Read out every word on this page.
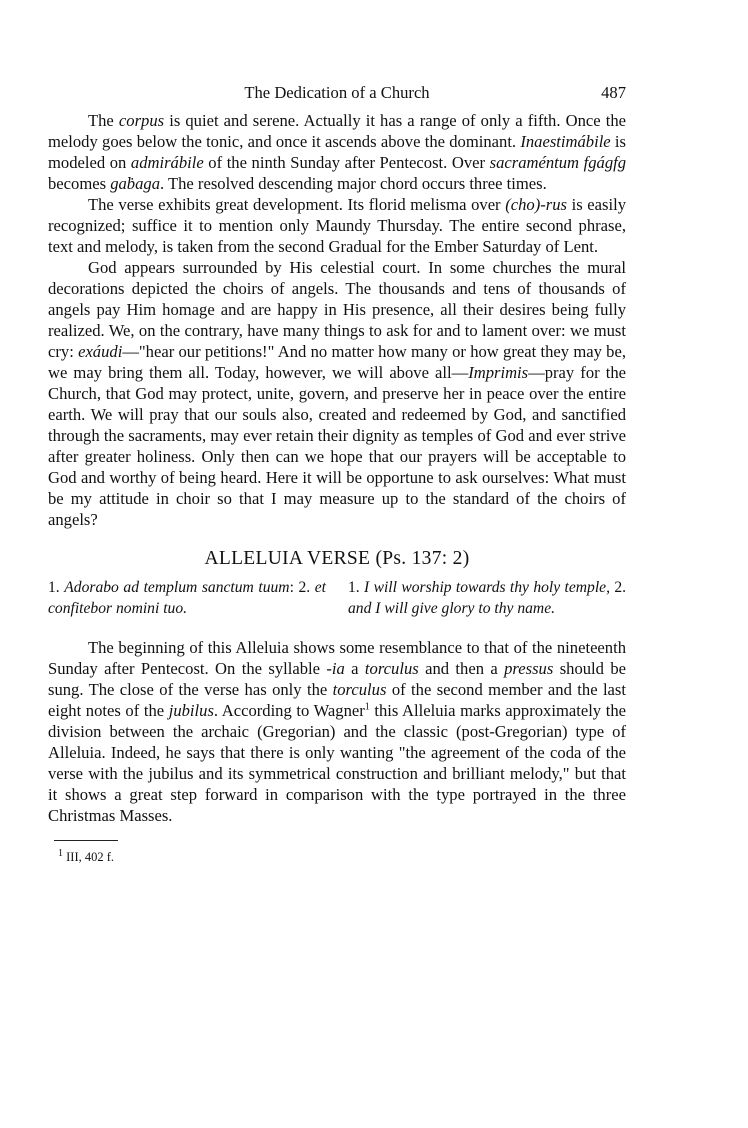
The Dedication of a Church	487

The corpus is quiet and serene. Actually it has a range of only a fifth. Once the melody goes below the tonic, and once it ascends above the dominant. Inaestimábile is modeled on admirábile of the ninth Sunday after Pentecost. Over sacraméntum fgágfg becomes gaḃaga. The resolved descending major chord occurs three times.

The verse exhibits great development. Its florid melisma over (cho)-rus is easily recognized; suffice it to mention only Maundy Thursday. The entire second phrase, text and melody, is taken from the second Gradual for the Ember Saturday of Lent.

God appears surrounded by His celestial court. In some churches the mural decorations depicted the choirs of angels. The thousands and tens of thousands of angels pay Him homage and are happy in His presence, all their desires being fully realized. We, on the contrary, have many things to ask for and to lament over: we must cry: exáudi—"hear our petitions!" And no matter how many or how great they may be, we may bring them all. Today, however, we will above all—Imprimis—pray for the Church, that God may protect, unite, govern, and preserve her in peace over the entire earth. We will pray that our souls also, created and redeemed by God, and sanctified through the sacraments, may ever retain their dignity as temples of God and ever strive after greater holiness. Only then can we hope that our prayers will be acceptable to God and worthy of being heard. Here it will be opportune to ask ourselves: What must be my attitude in choir so that I may measure up to the standard of the choirs of angels?

ALLELUIA VERSE (Ps. 137: 2)
1. Adorabo ad templum sanctum tuum: 2. et confitebor nomini tuo.
1. I will worship towards thy holy temple, 2. and I will give glory to thy name.

The beginning of this Alleluia shows some resemblance to that of the nineteenth Sunday after Pentecost. On the syllable -ia a torculus and then a pressus should be sung. The close of the verse has only the torculus of the second member and the last eight notes of the jubilus. According to Wagner$^1$ this Alleluia marks approximately the division between the archaic (Gregorian) and the classic (post-Gregorian) type of Alleluia. Indeed, he says that there is only wanting "the agreement of the coda of the verse with the jubilus and its symmetrical construction and brilliant melody," but that it shows a great step forward in comparison with the type portrayed in the three Christmas Masses.

$^1$ III, 402 f.
